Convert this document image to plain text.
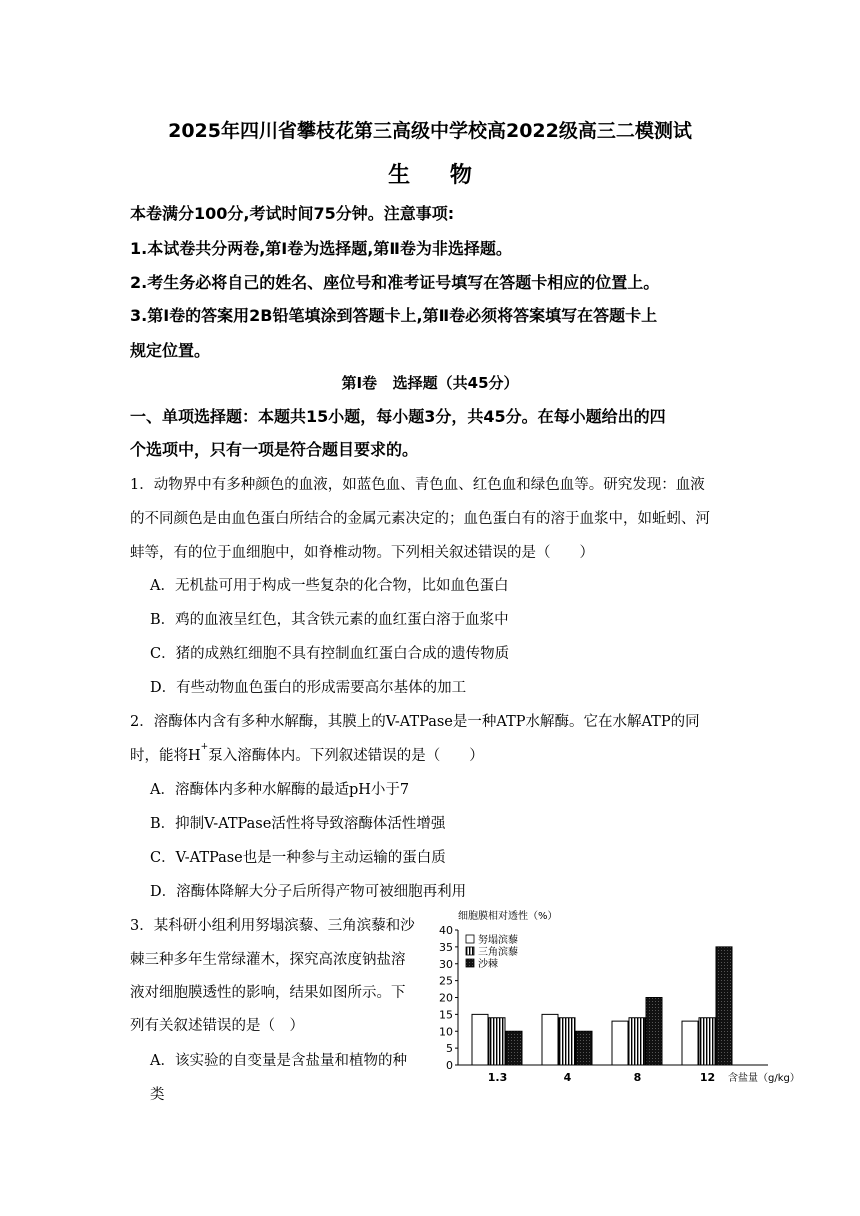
2025年四川省攀枝花第三高级中学校高2022级高三二模测试
生 物
本卷满分100分,考试时间75分钟。注意事项:
1.本试卷共分两卷,第Ⅰ卷为选择题,第Ⅱ卷为非选择题。
2.考生务必将自己的姓名、座位号和准考证号填写在答题卡相应的位置上。
3.第Ⅰ卷的答案用2B铅笔填涂到答题卡上,第Ⅱ卷必须将答案填写在答题卡上
规定位置。
第Ⅰ卷   选择题（共45分）
一、单项选择题：本题共15小题，每小题3分，共45分。在每小题给出的四
个选项中，只有一项是符合题目要求的。
1．动物界中有多种颜色的血液，如蓝色血、青色血、红色血和绿色血等。研究发现：血液
的不同颜色是由血色蛋白所结合的金属元素决定的；血色蛋白有的溶于血浆中，如蚯蚓、河
蚌等，有的位于血细胞中，如脊椎动物。下列相关叙述错误的是（　　）
A．无机盐可用于构成一些复杂的化合物，比如血色蛋白
B．鸡的血液呈红色，其含铁元素的血红蛋白溶于血浆中
C．猪的成熟红细胞不具有控制血红蛋白合成的遗传物质
D．有些动物血色蛋白的形成需要高尔基体的加工
2．溶酶体内含有多种水解酶，其膜上的V-ATPase是一种ATP水解酶。它在水解ATP的同
时，能将H+泵入溶酶体内。下列叙述错误的是（　　）
A．溶酶体内多种水解酶的最适pH小于7
B．抑制V-ATPase活性将导致溶酶体活性增强
C．V-ATPase也是一种参与主动运输的蛋白质
D．溶酶体降解大分子后所得产物可被细胞再利用
3．某科研小组利用努塌滨藜、三角滨藜和沙
棘三种多年生常绿灌木，探究高浓度钠盐溶
液对细胞膜透性的影响，结果如图所示。下
列有关叙述错误的是（　）
A．该实验的自变量是含盐量和植物的种
类
细胞膜相对透性（%）
0
5
10
15
20
25
30
35
40
1.3	4	8	12 含盐量（g/kg）
努塌滨藜
三角滨藜
沙棘
